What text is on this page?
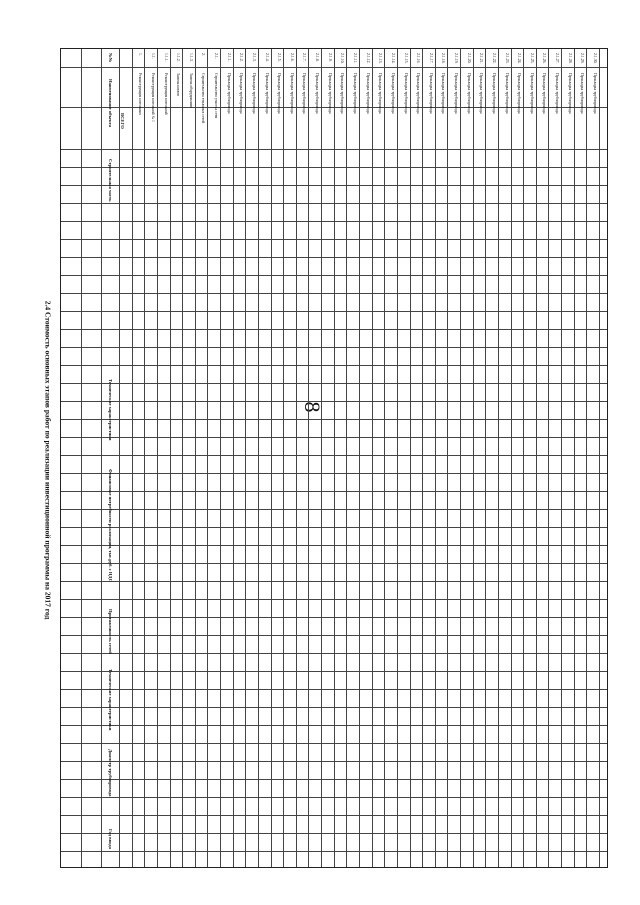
8
2.4 Стоимость основных этапов работ по реализации инвестиционной программы на 2017 год
№№
Наименование объекта
Строительная часть
Технические характеристики
Финансовые потребности реализации, тыс.руб. с НДС
Протяженность сетей
Технические характеристики
Диаметр трубопровода
Год ввода
ВСЕГО
1.
Реконструкция котельных
1.1.
Реконструкция котельной № 1
1.1.1.
Реконструкция котельной
1.1.2.
Замена котлов
1.1.3.
Замена оборудования
2.
Строительство тепловых сетей
2.1.
Строительство участка сети
2.1.1.
Прокладка трубопровода
2.1.2.
Прокладка трубопровода
2.1.3.
Прокладка трубопровода
2.1.4.
Прокладка трубопровода
2.1.5.
Прокладка трубопровода
2.1.6.
Прокладка трубопровода
2.1.7.
Прокладка трубопровода
2.1.8.
Прокладка трубопровода
2.1.9.
Прокладка трубопровода
2.1.10.
Прокладка трубопровода
2.1.11.
Прокладка трубопровода
2.1.12.
Прокладка трубопровода
2.1.13.
Прокладка трубопровода
2.1.14.
Прокладка трубопровода
2.1.15.
Прокладка трубопровода
2.1.16.
Прокладка трубопровода
2.1.17.
Прокладка трубопровода
2.1.18.
Прокладка трубопровода
2.1.19.
Прокладка трубопровода
2.1.20.
Прокладка трубопровода
2.1.21.
Прокладка трубопровода
2.1.22.
Прокладка трубопровода
2.1.23.
Прокладка трубопровода
2.1.24.
Прокладка трубопровода
2.1.25.
Прокладка трубопровода
2.1.26.
Прокладка трубопровода
2.1.27.
Прокладка трубопровода
2.1.28.
Прокладка трубопровода
2.1.29.
Прокладка трубопровода
2.1.30.
Прокладка трубопровода
